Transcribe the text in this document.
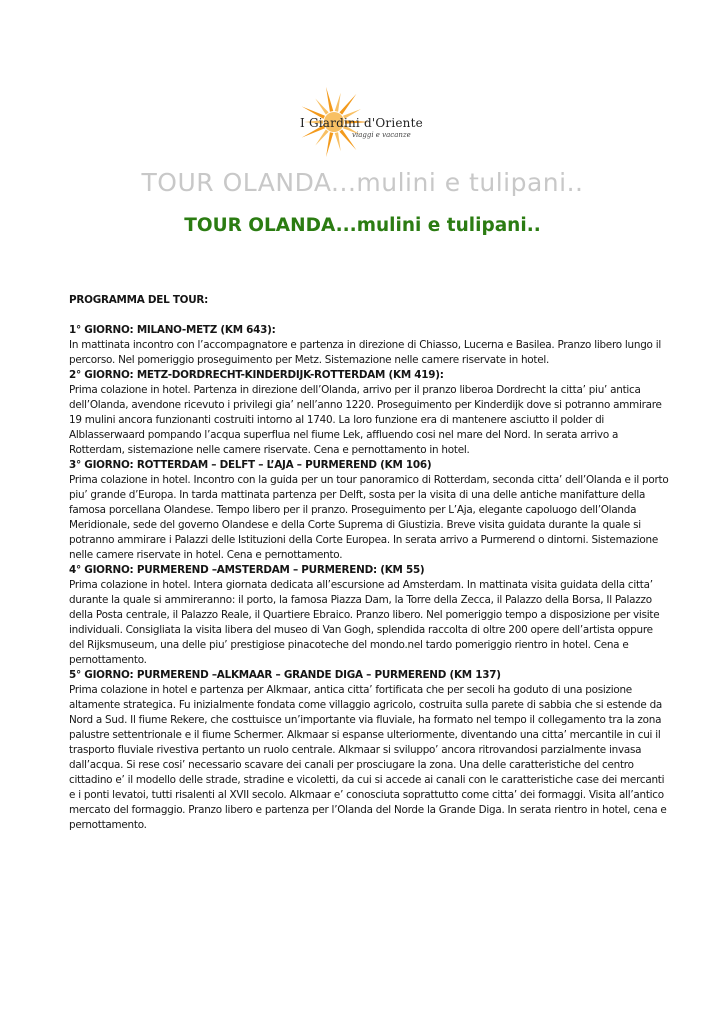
I Giardini d'Oriente
viaggi e vacanze
TOUR OLANDA...mulini e tulipani..
TOUR OLANDA...mulini e tulipani..

PROGRAMMA DEL TOUR:

1° GIORNO: MILANO-METZ (KM 643):

In mattinata incontro con l’accompagnatore e partenza in direzione di Chiasso, Lucerna e Basilea. Pranzo libero lungo il percorso. Nel pomeriggio proseguimento per Metz. Sistemazione nelle camere riservate in hotel.

2° GIORNO: METZ-DORDRECHT-KINDERDIJK-ROTTERDAM (KM 419):

Prima colazione in hotel. Partenza in direzione dell’Olanda, arrivo per il pranzo liberoa Dordrecht la citta’ piu’ antica dell’Olanda, avendone ricevuto i privilegi gia’ nell’anno 1220. Proseguimento per Kinderdijk dove si potranno ammirare 19 mulini ancora funzionanti costruiti intorno al 1740. La loro funzione era di mantenere asciutto il polder di Alblasserwaard pompando l’acqua superflua nel fiume Lek, affluendo cosi nel mare del Nord. In serata arrivo a Rotterdam, sistemazione nelle camere riservate. Cena e pernottamento in hotel.

3° GIORNO: ROTTERDAM – DELFT – L’AJA – PURMEREND (KM 106)

Prima colazione in hotel. Incontro con la guida per un tour panoramico di Rotterdam, seconda citta’ dell’Olanda e il porto piu’ grande d’Europa. In tarda mattinata partenza per Delft, sosta per la visita di una delle antiche manifatture della famosa porcellana Olandese. Tempo libero per il pranzo. Proseguimento per L’Aja, elegante capoluogo dell’Olanda Meridionale, sede del governo Olandese e della Corte Suprema di Giustizia. Breve visita guidata durante la quale si potranno ammirare i Palazzi delle Istituzioni della Corte Europea. In serata arrivo a Purmerend o dintorni. Sistemazione nelle camere riservate in hotel. Cena e pernottamento.

4° GIORNO: PURMEREND –AMSTERDAM – PURMEREND: (KM 55)

Prima colazione in hotel. Intera giornata dedicata all’escursione ad Amsterdam. In mattinata visita guidata della citta’ durante la quale si ammireranno: il porto, la famosa Piazza Dam, la Torre della Zecca, il Palazzo della Borsa, Il Palazzo della Posta centrale, il Palazzo Reale, il Quartiere Ebraico. Pranzo libero. Nel pomeriggio tempo a disposizione per visite individuali. Consigliata la visita libera del museo di Van Gogh, splendida raccolta di oltre 200 opere dell’artista oppure del Rijksmuseum, una delle piu’ prestigiose pinacoteche del mondo.nel tardo pomeriggio rientro in hotel. Cena e pernottamento.

5° GIORNO: PURMEREND –ALKMAAR – GRANDE DIGA – PURMEREND (KM 137)

Prima colazione in hotel e partenza per Alkmaar, antica citta’ fortificata che per secoli ha goduto di una posizione altamente strategica. Fu inizialmente fondata come villaggio agricolo, costruita sulla parete di sabbia che si estende da Nord a Sud. Il fiume Rekere, che costtuisce un’importante via fluviale, ha formato nel tempo il collegamento tra la zona palustre settentrionale e il fiume Schermer. Alkmaar si espanse ulteriormente, diventando una citta’ mercantile in cui il trasporto fluviale rivestiva pertanto un ruolo centrale. Alkmaar si sviluppo’ ancora ritrovandosi parzialmente invasa dall’acqua. Si rese cosi’ necessario scavare dei canali per prosciugare la zona. Una delle caratteristiche del centro cittadino e’ il modello delle strade, stradine e vicoletti, da cui si accede ai canali con le caratteristiche case dei mercanti e i ponti levatoi, tutti risalenti al XVII secolo. Alkmaar e’ conosciuta soprattutto come citta’ dei formaggi. Visita all’antico mercato del formaggio. Pranzo libero e partenza per l’Olanda del Norde la Grande Diga. In serata rientro in hotel, cena e pernottamento.
